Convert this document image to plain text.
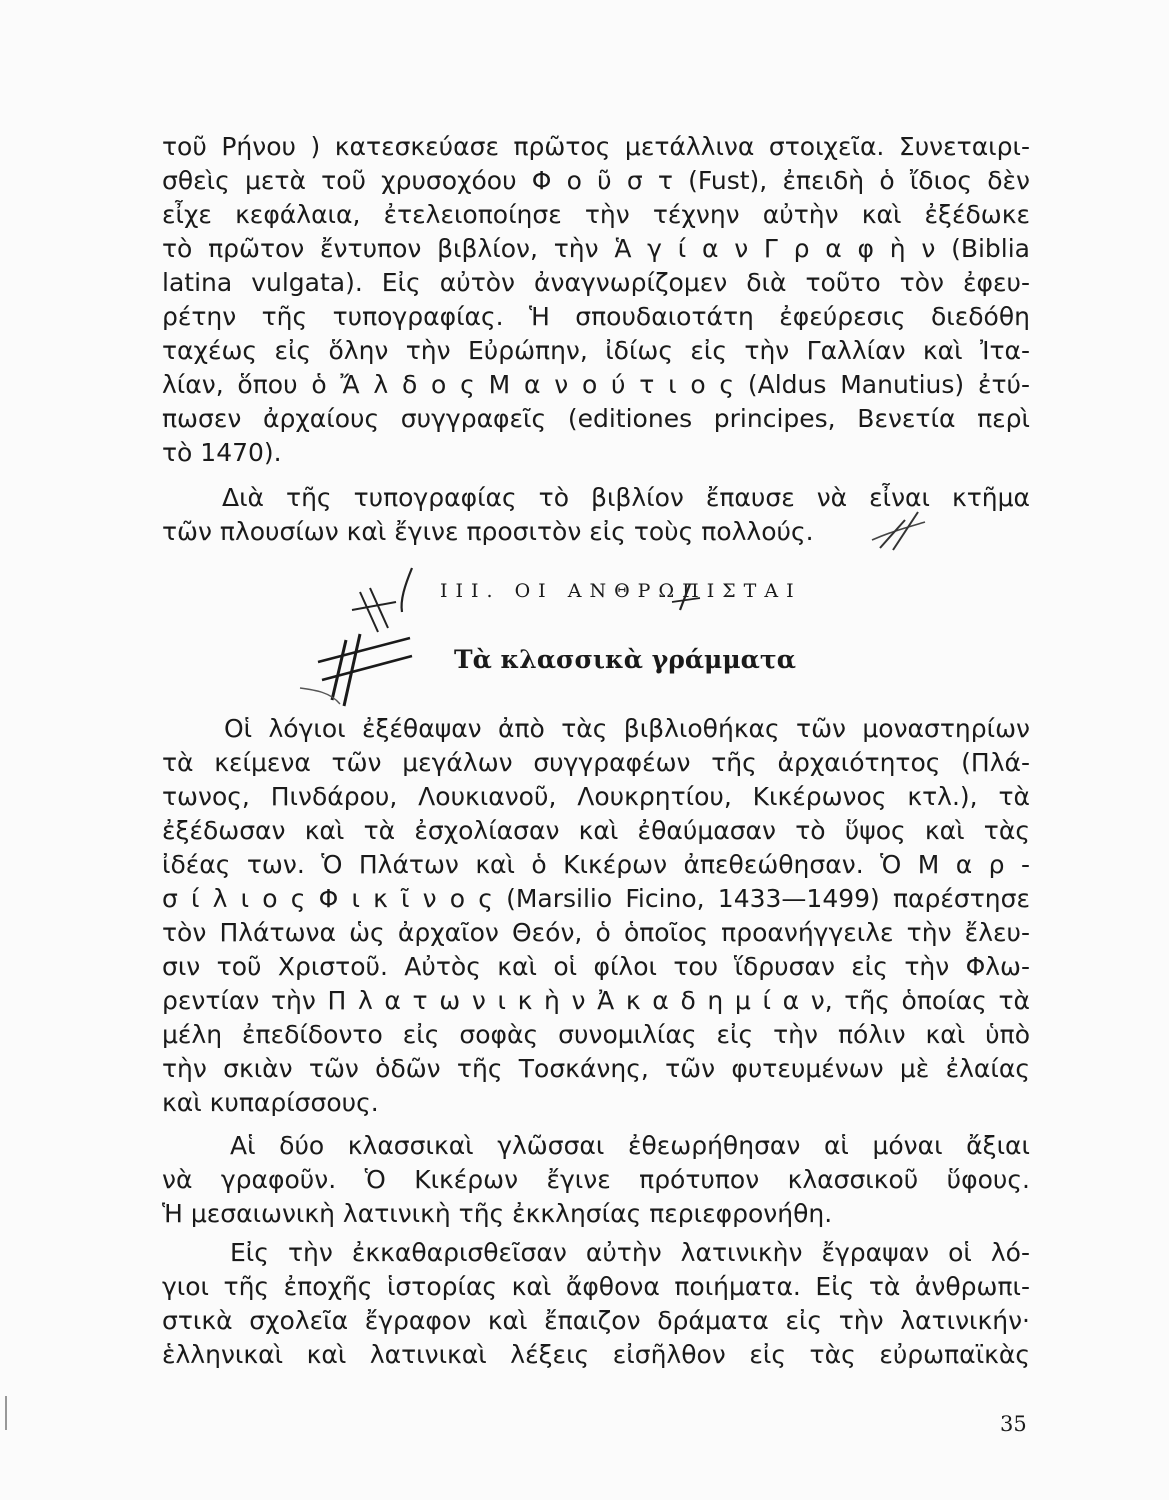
τοῦ Ρήνου ) κατεσκεύασε πρῶτος μετάλλινα στοιχεῖα. Συνεταιρι-
σθεὶς μετὰ τοῦ χρυσοχόου Φ ο ῦ σ τ (Fust), ἐπειδὴ ὁ ἴδιος δὲν
εἶχε κεφάλαια, ἐτελειοποίησε τὴν τέχνην αὐτὴν καὶ ἐξέδωκε
τὸ πρῶτον ἔντυπον βιβλίον, τὴν Ἁ γ ί α ν Γ ρ α φ ὴ ν (Biblia
latina vulgata). Εἰς αὐτὸν ἀναγνωρίζομεν διὰ τοῦτο τὸν ἐφευ-
ρέτην τῆς τυπογραφίας. Ἡ σπουδαιοτάτη ἐφεύρεσις διεδόθη
ταχέως εἰς ὅλην τὴν Εὐρώπην, ἰδίως εἰς τὴν Γαλλίαν καὶ Ἰτα-
λίαν, ὅπου ὁ Ἄ λ δ ο ς Μ α ν ο ύ τ ι ο ς (Aldus Manutius) ἐτύ-
πωσεν ἀρχαίους συγγραφεῖς (editiones principes, Βενετία περὶ
τὸ 1470).
Διὰ τῆς τυπογραφίας τὸ βιβλίον ἔπαυσε νὰ εἶναι κτῆμα
τῶν πλουσίων καὶ ἔγινε προσιτὸν εἰς τοὺς πολλούς.
III. ΟΙ ΑΝΘΡΩΠΙΣΤΑΙ
Τὰ κλασσικὰ γράμματα
Οἱ λόγιοι ἐξέθαψαν ἀπὸ τὰς βιβλιοθήκας τῶν μοναστηρίων
τὰ κείμενα τῶν μεγάλων συγγραφέων τῆς ἀρχαιότητος (Πλά-
τωνος, Πινδάρου, Λουκιανοῦ, Λουκρητίου, Κικέρωνος κτλ.), τὰ
ἐξέδωσαν καὶ τὰ ἐσχολίασαν καὶ ἐθαύμασαν τὸ ὕψος καὶ τὰς
ἰδέας των. Ὁ Πλάτων καὶ ὁ Κικέρων ἀπεθεώθησαν. Ὁ Μ α ρ -
σ ί λ ι ο ς Φ ι κ ῖ ν ο ς (Marsilio Ficino, 1433—1499) παρέστησε
τὸν Πλάτωνα ὡς ἀρχαῖον Θεόν, ὁ ὁποῖος προανήγγειλε τὴν ἔλευ-
σιν τοῦ Χριστοῦ. Αὐτὸς καὶ οἱ φίλοι του ἵδρυσαν εἰς τὴν Φλω-
ρεντίαν τὴν Π λ α τ ω ν ι κ ὴ ν Ἀ κ α δ η μ ί α ν, τῆς ὁποίας τὰ
μέλη ἐπεδίδοντο εἰς σοφὰς συνομιλίας εἰς τὴν πόλιν καὶ ὑπὸ
τὴν σκιὰν τῶν ὁδῶν τῆς Τοσκάνης, τῶν φυτευμένων μὲ ἐλαίας
καὶ κυπαρίσσους.
Αἱ δύο κλασσικαὶ γλῶσσαι ἐθεωρήθησαν αἱ μόναι ἄξιαι
νὰ γραφοῦν. Ὁ Κικέρων ἔγινε πρότυπον κλασσικοῦ ὕφους.
Ἡ μεσαιωνικὴ λατινικὴ τῆς ἐκκλησίας περιεφρονήθη.
Εἰς τὴν ἐκκαθαρισθεῖσαν αὐτὴν λατινικὴν ἔγραψαν οἱ λό-
γιοι τῆς ἐποχῆς ἱστορίας καὶ ἄφθονα ποιήματα. Εἰς τὰ ἀνθρωπι-
στικὰ σχολεῖα ἔγραφον καὶ ἔπαιζον δράματα εἰς τὴν λατινικήν·
ἑλληνικαὶ καὶ λατινικαὶ λέξεις εἰσῆλθον εἰς τὰς εὐρωπαϊκὰς
35
